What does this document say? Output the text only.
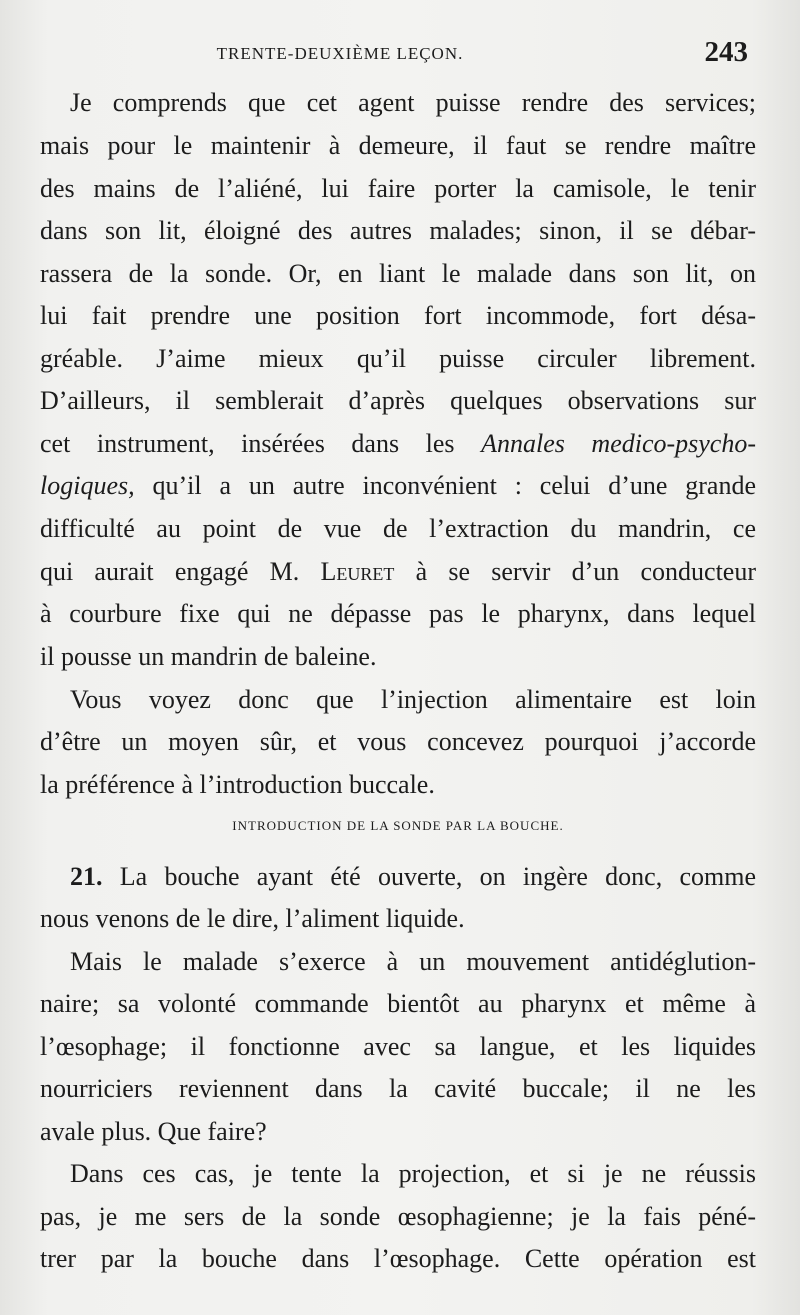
TRENTE-DEUXIÈME LEÇON.	243
Je comprends que cet agent puisse rendre des services;
mais pour le maintenir à demeure, il faut se rendre maître
des mains de l’aliéné, lui faire porter la camisole, le tenir
dans son lit, éloigné des autres malades; sinon, il se débar-
rassera de la sonde. Or, en liant le malade dans son lit, on
lui fait prendre une position fort incommode, fort désa-
gréable. J’aime mieux qu’il puisse circuler librement.
D’ailleurs, il semblerait d’après quelques observations sur
cet instrument, insérées dans les Annales medico-psycho-
logiques, qu’il a un autre inconvénient : celui d’une grande
difficulté au point de vue de l’extraction du mandrin, ce
qui aurait engagé M. Leuret à se servir d’un conducteur
à courbure fixe qui ne dépasse pas le pharynx, dans lequel
il pousse un mandrin de baleine.
Vous voyez donc que l’injection alimentaire est loin
d’être un moyen sûr, et vous concevez pourquoi j’accorde
la préférence à l’introduction buccale.
INTRODUCTION DE LA SONDE PAR LA BOUCHE.
21. La bouche ayant été ouverte, on ingère donc, comme
nous venons de le dire, l’aliment liquide.
Mais le malade s’exerce à un mouvement antidéglution-
naire; sa volonté commande bientôt au pharynx et même à
l’œsophage; il fonctionne avec sa langue, et les liquides
nourriciers reviennent dans la cavité buccale; il ne les
avale plus. Que faire?
Dans ces cas, je tente la projection, et si je ne réussis
pas, je me sers de la sonde œsophagienne; je la fais péné-
trer par la bouche dans l’œsophage. Cette opération est
